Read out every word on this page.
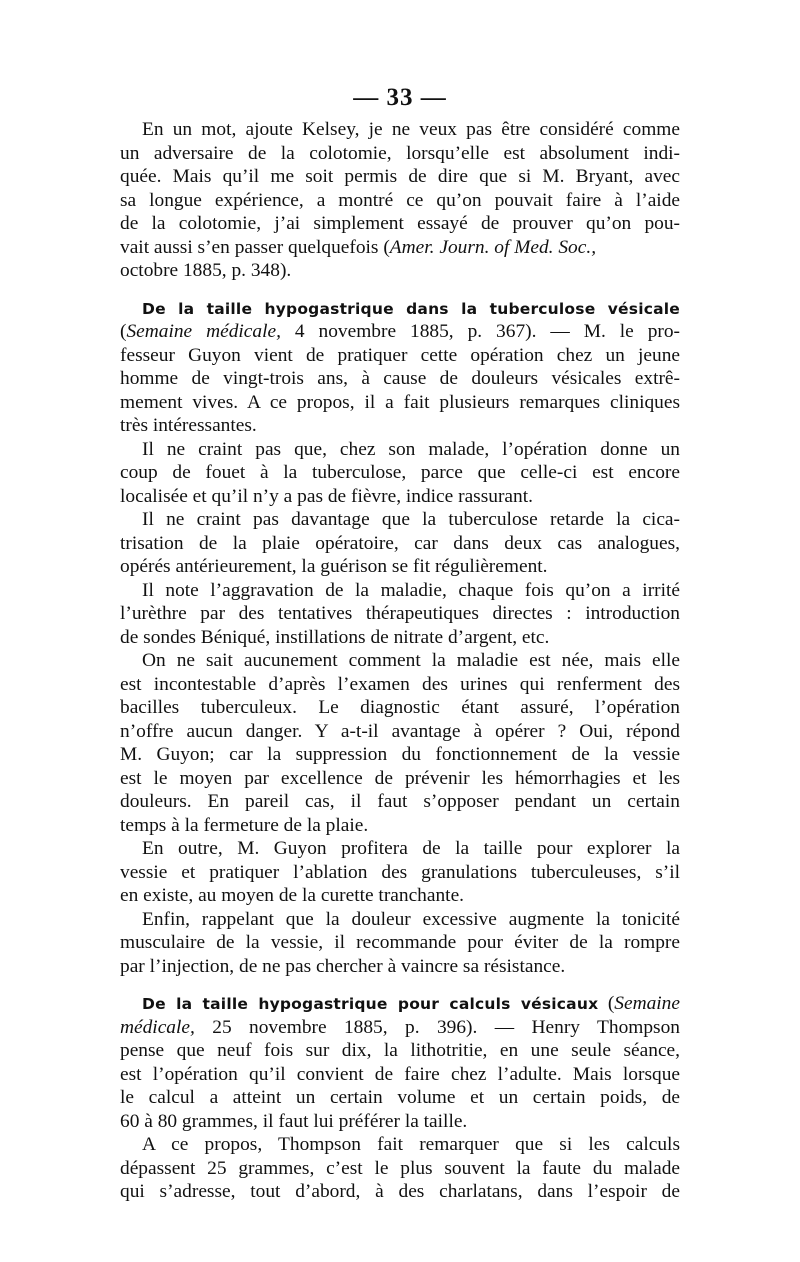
— 33 —
En un mot, ajoute Kelsey, je ne veux pas être considéré comme
un adversaire de la colotomie, lorsqu’elle est absolument indi-
quée. Mais qu’il me soit permis de dire que si M. Bryant, avec
sa longue expérience, a montré ce qu’on pouvait faire à l’aide
de la colotomie, j’ai simplement essayé de prouver qu’on pou-
vait aussi s’en passer quelquefois (Amer. Journ. of Med. Soc.,
octobre 1885, p. 348).
De la taille hypogastrique dans la tuberculose vésicale
(Semaine médicale, 4 novembre 1885, p. 367). — M. le pro-
fesseur Guyon vient de pratiquer cette opération chez un jeune
homme de vingt-trois ans, à cause de douleurs vésicales extrê-
mement vives. A ce propos, il a fait plusieurs remarques cliniques
très intéressantes.
Il ne craint pas que, chez son malade, l’opération donne un
coup de fouet à la tuberculose, parce que celle-ci est encore
localisée et qu’il n’y a pas de fièvre, indice rassurant.
Il ne craint pas davantage que la tuberculose retarde la cica-
trisation de la plaie opératoire, car dans deux cas analogues,
opérés antérieurement, la guérison se fit régulièrement.
Il note l’aggravation de la maladie, chaque fois qu’on a irrité
l’urèthre par des tentatives thérapeutiques directes : introduction
de sondes Béniqué, instillations de nitrate d’argent, etc.
On ne sait aucunement comment la maladie est née, mais elle
est incontestable d’après l’examen des urines qui renferment des
bacilles tuberculeux. Le diagnostic étant assuré, l’opération
n’offre aucun danger. Y a-t-il avantage à opérer ? Oui, répond
M. Guyon; car la suppression du fonctionnement de la vessie
est le moyen par excellence de prévenir les hémorrhagies et les
douleurs. En pareil cas, il faut s’opposer pendant un certain
temps à la fermeture de la plaie.
En outre, M. Guyon profitera de la taille pour explorer la
vessie et pratiquer l’ablation des granulations tuberculeuses, s’il
en existe, au moyen de la curette tranchante.
Enfin, rappelant que la douleur excessive augmente la tonicité
musculaire de la vessie, il recommande pour éviter de la rompre
par l’injection, de ne pas chercher à vaincre sa résistance.
De la taille hypogastrique pour calculs vésicaux (Semaine
médicale, 25 novembre 1885, p. 396). — Henry Thompson
pense que neuf fois sur dix, la lithotritie, en une seule séance,
est l’opération qu’il convient de faire chez l’adulte. Mais lorsque
le calcul a atteint un certain volume et un certain poids, de
60 à 80 grammes, il faut lui préférer la taille.
A ce propos, Thompson fait remarquer que si les calculs
dépassent 25 grammes, c’est le plus souvent la faute du malade
qui s’adresse, tout d’abord, à des charlatans, dans l’espoir de
